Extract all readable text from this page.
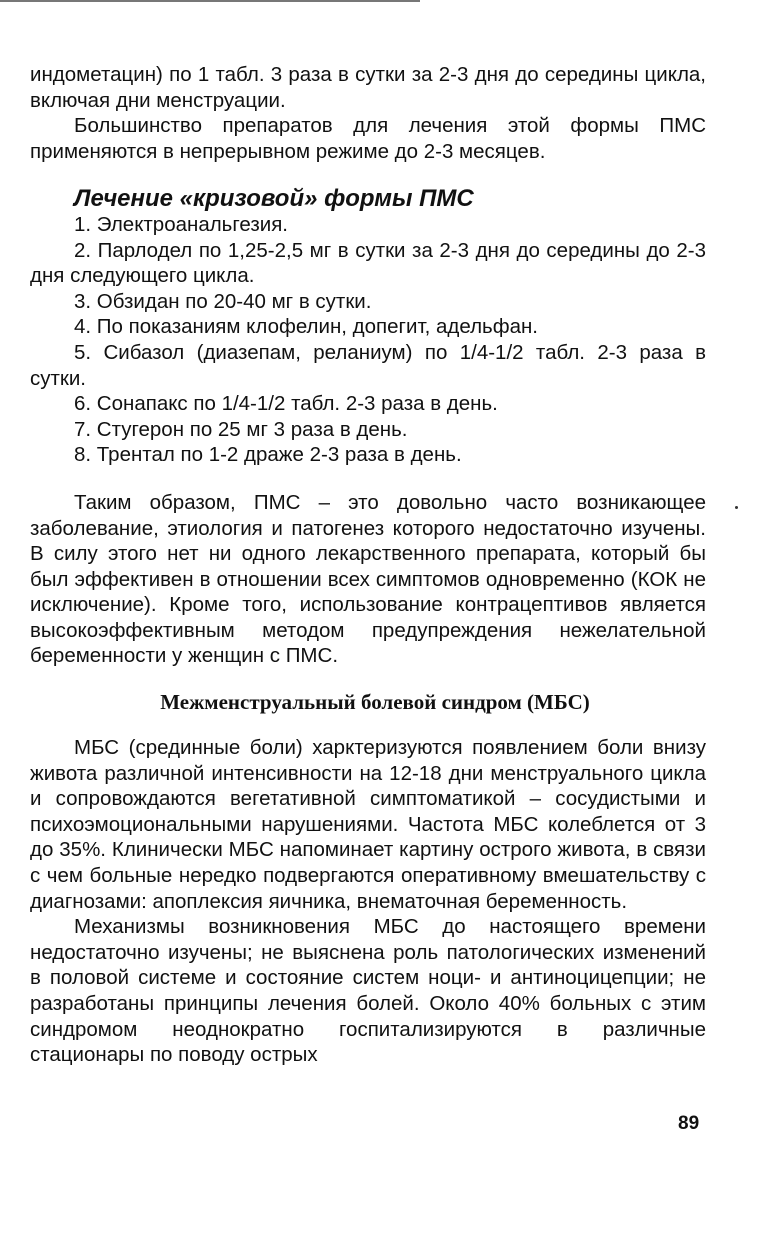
индометацин) по 1 табл. 3 раза в сутки за 2-3 дня до середины цикла, включая дни менструации.

Большинство препаратов для лечения этой формы ПМС применяются в непрерывном режиме до 2-3 месяцев.

Лечение «кризовой» формы ПМС
1. Электроанальгезия.
2. Парлодел по 1,25-2,5 мг в сутки за 2-3 дня до середины до 2-3 дня следующего цикла.
3. Обзидан по 20-40 мг в сутки.
4. По показаниям клофелин, допегит, адельфан.
5. Сибазол (диазепам, реланиум) по 1/4-1/2 табл. 2-3 раза в сутки.
6. Сонапакс по 1/4-1/2 табл. 2-3 раза в день.
7. Стугерон по 25 мг 3 раза в день.
8. Трентал по 1-2 драже 2-3 раза в день.

Таким образом, ПМС – это довольно часто возникающее заболевание, этиология и патогенез которого недостаточно изучены. В силу этого нет ни одного лекарственного препарата, который бы был эффективен в отношении всех симптомов одновременно (КОК не исключение). Кроме того, использование контрацептивов является высокоэффективным методом предупреждения нежелательной беременности у женщин с ПМС.

Межменструальный болевой синдром (МБС)

МБС (срединные боли) харктеризуются появлением боли внизу живота различной интенсивности на 12-18 дни менструального цикла и сопровождаются вегетативной симптоматикой – сосудистыми и психоэмоциональными нарушениями. Частота МБС колеблется от 3 до 35%. Клинически МБС напоминает картину острого живота, в связи с чем больные нередко подвергаются оперативному вмешательству с диагнозами: апоплексия яичника, внематочная беременность.

Механизмы возникновения МБС до настоящего времени недостаточно изучены; не выяснена роль патологических изменений в половой системе и состояние систем ноци- и антиноцицепции; не разработаны принципы лечения болей. Около 40% больных с этим синдромом неоднократно госпитализируются в различные стационары по поводу острых

89
